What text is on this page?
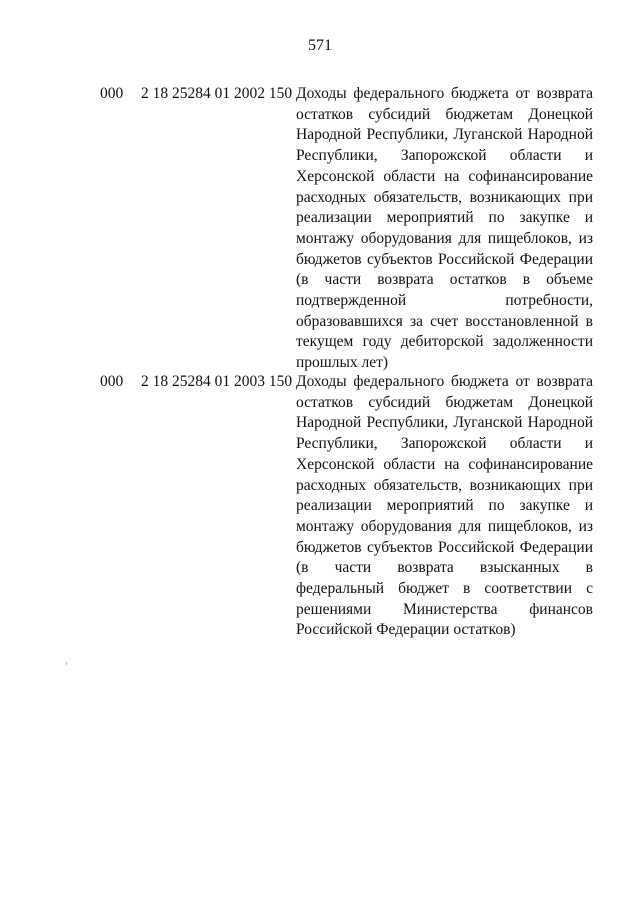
571
000 2 18 25284 01 2002 150 Доходы федерального бюджета от возврата остатков субсидий бюджетам Донецкой Народной Республики, Луганской Народной Республики, Запорожской области и Херсонской области на софинансирование расходных обязательств, возникающих при реализации мероприятий по закупке и монтажу оборудования для пищеблоков, из бюджетов субъектов Российской Федерации (в части возврата остатков в объеме подтвержденной потребности, образовавшихся за счет восстановленной в текущем году дебиторской задолженности прошлых лет)

000 2 18 25284 01 2003 150 Доходы федерального бюджета от возврата остатков субсидий бюджетам Донецкой Народной Республики, Луганской Народной Республики, Запорожской области и Херсонской области на софинансирование расходных обязательств, возникающих при реализации мероприятий по закупке и монтажу оборудования для пищеблоков, из бюджетов субъектов Российской Федерации (в части возврата взысканных в федеральный бюджет в соответствии с решениями Министерства финансов Российской Федерации остатков)
